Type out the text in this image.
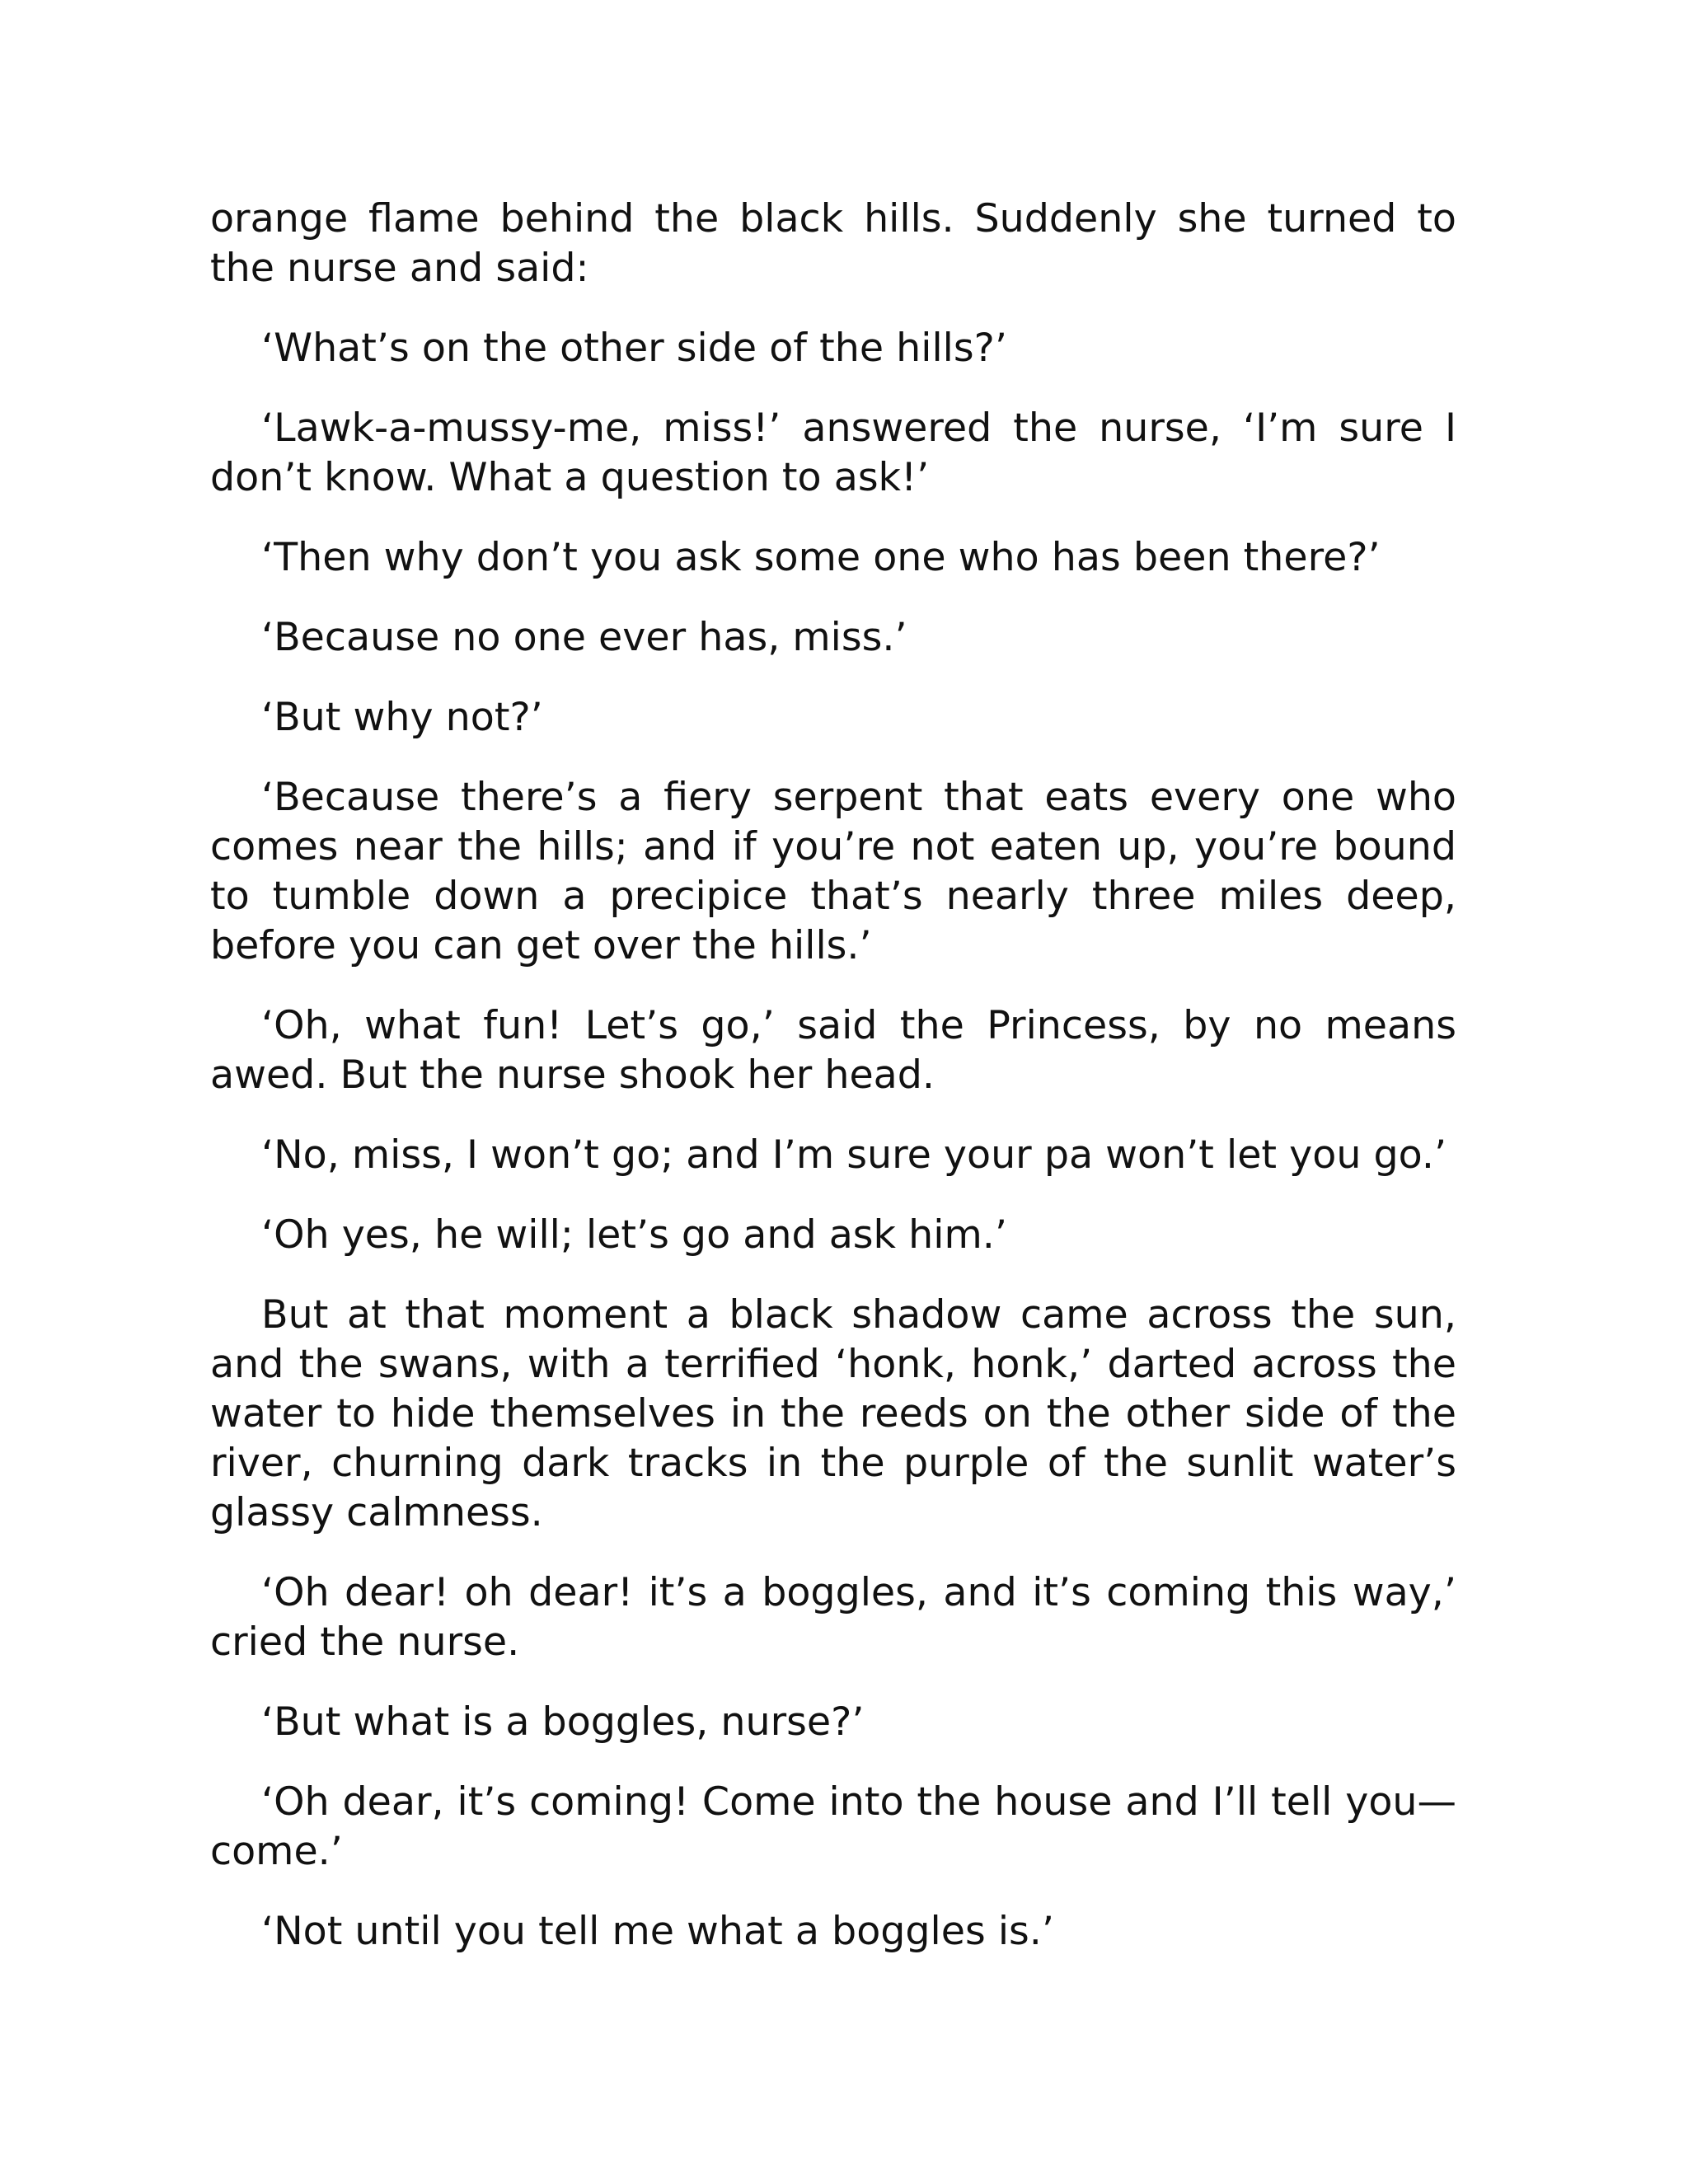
orange flame behind the black hills. Suddenly she turned to the nurse and said:

‘What’s on the other side of the hills?’

‘Lawk-a-mussy-me, miss!’ answered the nurse, ‘I’m sure I don’t know. What a question to ask!’

‘Then why don’t you ask some one who has been there?’

‘Because no one ever has, miss.’

‘But why not?’

‘Because there’s a fiery serpent that eats every one who comes near the hills; and if you’re not eaten up, you’re bound to tumble down a precipice that’s nearly three miles deep, before you can get over the hills.’

‘Oh, what fun! Let’s go,’ said the Princess, by no means awed. But the nurse shook her head.

‘No, miss, I won’t go; and I’m sure your pa won’t let you go.’

‘Oh yes, he will; let’s go and ask him.’

But at that moment a black shadow came across the sun, and the swans, with a terrified ‘honk, honk,’ darted across the water to hide themselves in the reeds on the other side of the river, churning dark tracks in the purple of the sunlit water’s glassy calmness.

‘Oh dear! oh dear! it’s a boggles, and it’s coming this way,’ cried the nurse.

‘But what is a boggles, nurse?’

‘Oh dear, it’s coming! Come into the house and I’ll tell you—come.’

‘Not until you tell me what a boggles is.’
